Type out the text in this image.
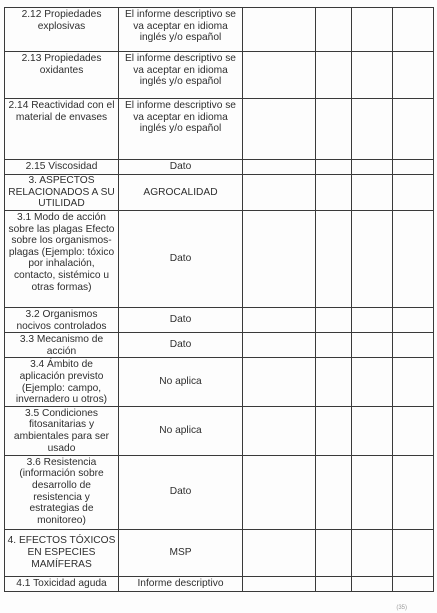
2.12 Propiedades explosivas	El informe descriptivo se va aceptar en idioma inglés y/o español				
2.13 Propiedades oxidantes	El informe descriptivo se va aceptar en idioma inglés y/o español				
2.14 Reactividad con el material de envases	El informe descriptivo se va aceptar en idioma inglés y/o español				
2.15 Viscosidad	Dato				
3. ASPECTOS RELACIONADOS A SU UTILIDAD	AGROCALIDAD				
3.1 Modo de acción sobre las plagas Efecto sobre los organismos-plagas (Ejemplo: tóxico por inhalación, contacto, sistémico u otras formas)	Dato				
3.2 Organismos nocivos controlados	Dato				
3.3 Mecanismo de acción	Dato				
3.4 Ámbito de aplicación previsto (Ejemplo: campo, invernadero u otros)	No aplica				
3.5 Condiciones fitosanitarias y ambientales para ser usado	No aplica				
3.6 Resistencia (información sobre desarrollo de resistencia y estrategias de monitoreo)	Dato				
4. EFECTOS TÓXICOS EN ESPECIES MAMÍFERAS	MSP				
4.1 Toxicidad aguda	Informe descriptivo				
(35)
